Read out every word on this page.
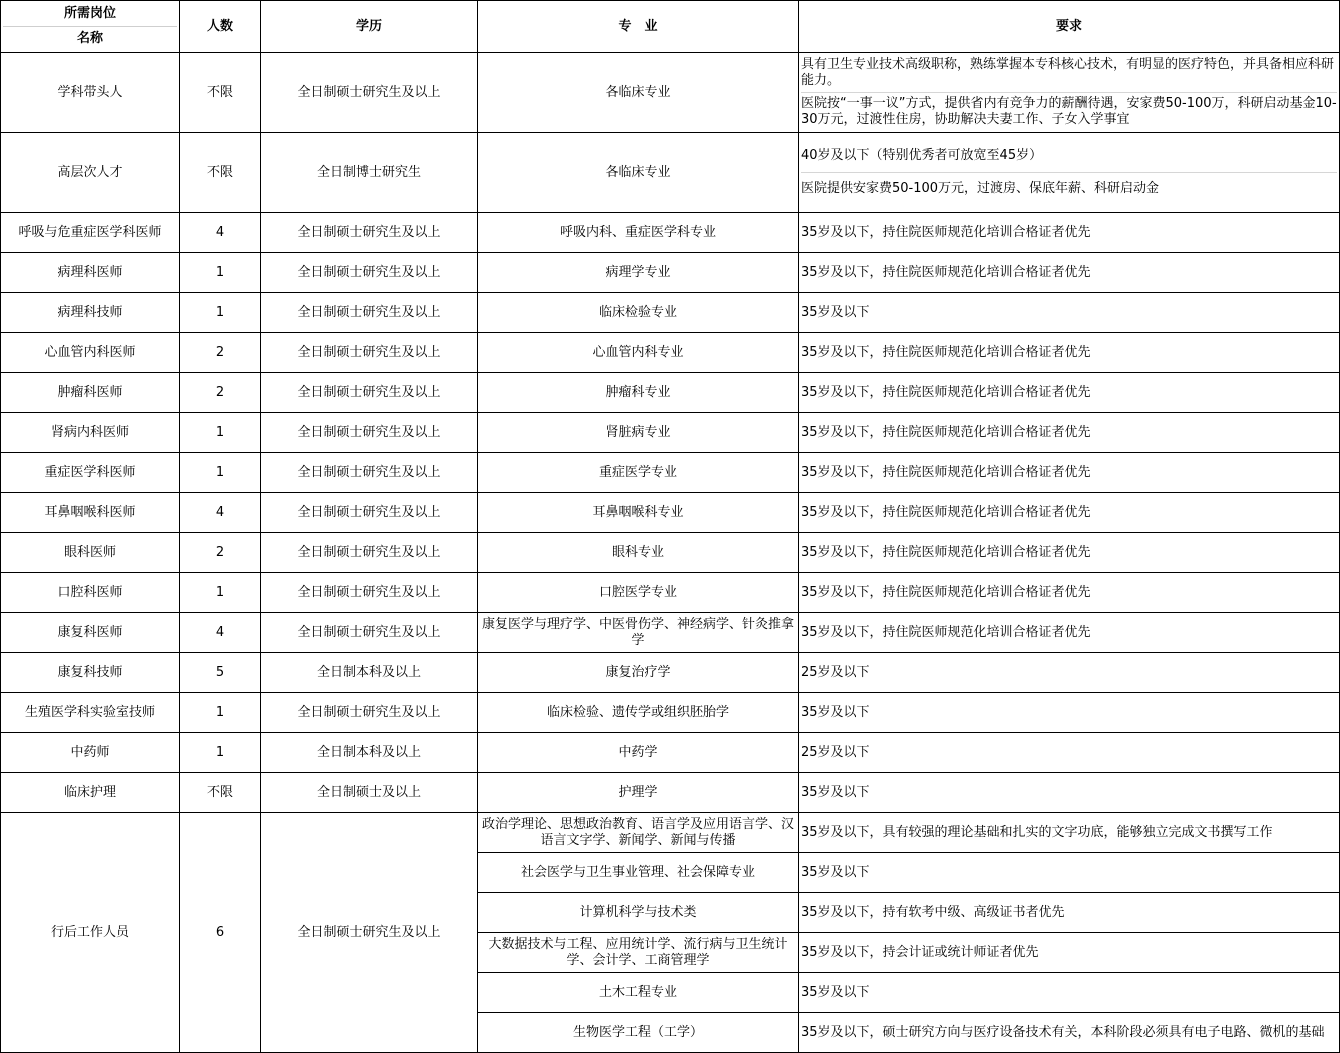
所需岗位
名称	人数	学历	专　业	要求
学科带头人	不限	全日制硕士研究生及以上	各临床专业	具有卫生专业技术高级职称，熟练掌握本专科核心技术，有明显的医疗特色，并具备相应科研能力。
医院按“一事一议”方式，提供省内有竞争力的薪酬待遇，安家费50-100万，科研启动基金10-30万元，过渡性住房，协助解决夫妻工作、子女入学事宜

高层次人才	不限	全日制博士研究生	各临床专业	40岁及以下（特别优秀者可放宽至45岁）
医院提供安家费50-100万元，过渡房、保底年薪、科研启动金

呼吸与危重症医学科医师	4	全日制硕士研究生及以上	呼吸内科、重症医学科专业	35岁及以下，持住院医师规范化培训合格证者优先
病理科医师	1	全日制硕士研究生及以上	病理学专业	35岁及以下，持住院医师规范化培训合格证者优先
病理科技师	1	全日制硕士研究生及以上	临床检验专业	35岁及以下
心血管内科医师	2	全日制硕士研究生及以上	心血管内科专业	35岁及以下，持住院医师规范化培训合格证者优先
肿瘤科医师	2	全日制硕士研究生及以上	肿瘤科专业	35岁及以下，持住院医师规范化培训合格证者优先
肾病内科医师	1	全日制硕士研究生及以上	肾脏病专业	35岁及以下，持住院医师规范化培训合格证者优先
重症医学科医师	1	全日制硕士研究生及以上	重症医学专业	35岁及以下，持住院医师规范化培训合格证者优先
耳鼻咽喉科医师	4	全日制硕士研究生及以上	耳鼻咽喉科专业	35岁及以下，持住院医师规范化培训合格证者优先
眼科医师	2	全日制硕士研究生及以上	眼科专业	35岁及以下，持住院医师规范化培训合格证者优先
口腔科医师	1	全日制硕士研究生及以上	口腔医学专业	35岁及以下，持住院医师规范化培训合格证者优先
康复科医师	4	全日制硕士研究生及以上	康复医学与理疗学、中医骨伤学、神经病学、针灸推拿学	35岁及以下，持住院医师规范化培训合格证者优先
康复科技师	5	全日制本科及以上	康复治疗学	25岁及以下
生殖医学科实验室技师	1	全日制硕士研究生及以上	临床检验、遗传学或组织胚胎学	35岁及以下
中药师	1	全日制本科及以上	中药学	25岁及以下
临床护理	不限	全日制硕士及以上	护理学	35岁及以下
行后工作人员	6	全日制硕士研究生及以上	政治学理论、思想政治教育、语言学及应用语言学、汉语言文字学、新闻学、新闻与传播	35岁及以下，具有较强的理论基础和扎实的文字功底，能够独立完成文书撰写工作
			社会医学与卫生事业管理、社会保障专业	35岁及以下
			计算机科学与技术类	35岁及以下，持有软考中级、高级证书者优先
			大数据技术与工程、应用统计学、流行病与卫生统计学、会计学、工商管理学	35岁及以下，持会计证或统计师证者优先
			土木工程专业	35岁及以下
			生物医学工程（工学）	35岁及以下，硕士研究方向与医疗设备技术有关，本科阶段必须具有电子电路、微机的基础
